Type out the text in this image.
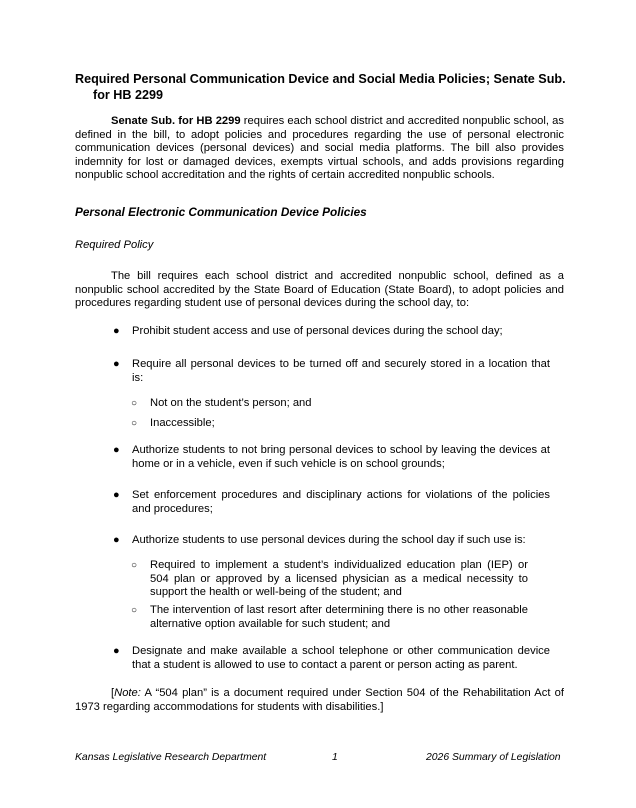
Required Personal Communication Device and Social Media Policies; Senate Sub.
for HB 2299
Senate Sub. for HB 2299 requires each school district and accredited nonpublic school, as defined in the bill, to adopt policies and procedures regarding the use of personal electronic communication devices (personal devices) and social media platforms. The bill also provides indemnity for lost or damaged devices, exempts virtual schools, and adds provisions regarding nonpublic school accreditation and the rights of certain accredited nonpublic schools.
Personal Electronic Communication Device Policies
Required Policy
The bill requires each school district and accredited nonpublic school, defined as a nonpublic school accredited by the State Board of Education (State Board), to adopt policies and procedures regarding student use of personal devices during the school day, to:
● Prohibit student access and use of personal devices during the school day;
● Require all personal devices to be turned off and securely stored in a location that is:
○ Not on the student’s person; and
○ Inaccessible;
● Authorize students to not bring personal devices to school by leaving the devices at home or in a vehicle, even if such vehicle is on school grounds;
● Set enforcement procedures and disciplinary actions for violations of the policies and procedures;
● Authorize students to use personal devices during the school day if such use is:
○ Required to implement a student’s individualized education plan (IEP) or 504 plan or approved by a licensed physician as a medical necessity to support the health or well-being of the student; and
○ The intervention of last resort after determining there is no other reasonable alternative option available for such student; and
● Designate and make available a school telephone or other communication device that a student is allowed to use to contact a parent or person acting as parent.
[Note: A “504 plan” is a document required under Section 504 of the Rehabilitation Act of 1973 regarding accommodations for students with disabilities.]
Kansas Legislative Research Department	1	2026 Summary of Legislation
